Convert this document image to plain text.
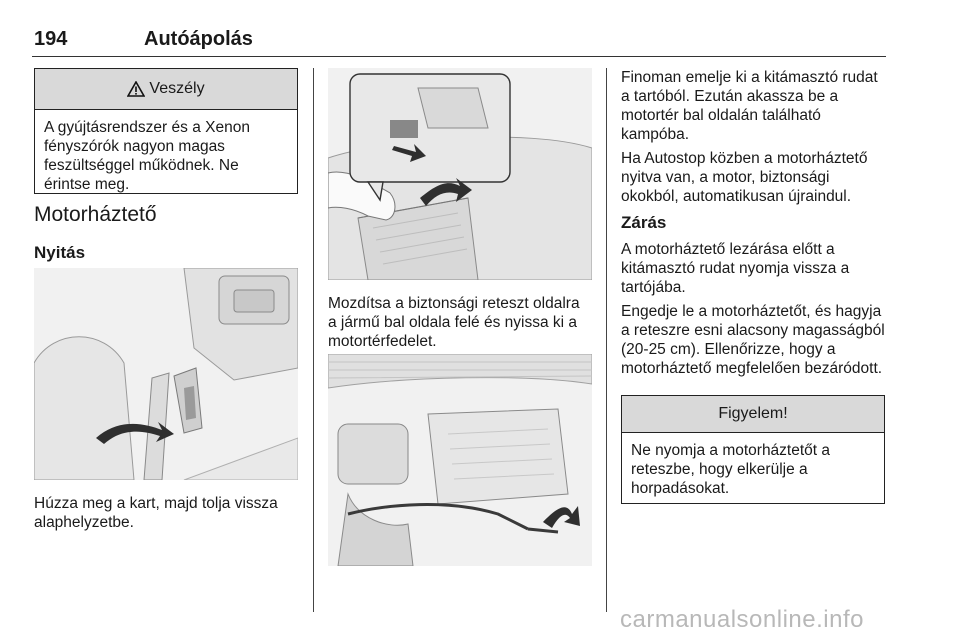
194	Autóápolás
Veszély
A gyújtásrendszer és a Xenon fényszórók nagyon magas feszültséggel működnek. Ne érintse meg.
Motorháztető
Nyitás

Húzza meg a kart, majd tolja vissza alaphelyzetbe.

Mozdítsa a biztonsági reteszt oldalra a jármű bal oldala felé és nyissa ki a motortérfedelet.

Finoman emelje ki a kitámasztó rudat a tartóból. Ezután akassza be a motortér bal oldalán található kampóba.

Ha Autostop közben a motorháztető nyitva van, a motor, biztonsági okokból, automatikusan újraindul.

Zárás

A motorháztető lezárása előtt a kitámasztó rudat nyomja vissza a tartójába.

Engedje le a motorháztetőt, és hagyja a reteszre esni alacsony magasságból (20-25 cm). Ellenőrizze, hogy a motorháztető megfelelően bezáródott.

Figyelem!
Ne nyomja a motorháztetőt a reteszbe, hogy elkerülje a horpadásokat.
carmanualsonline.info
